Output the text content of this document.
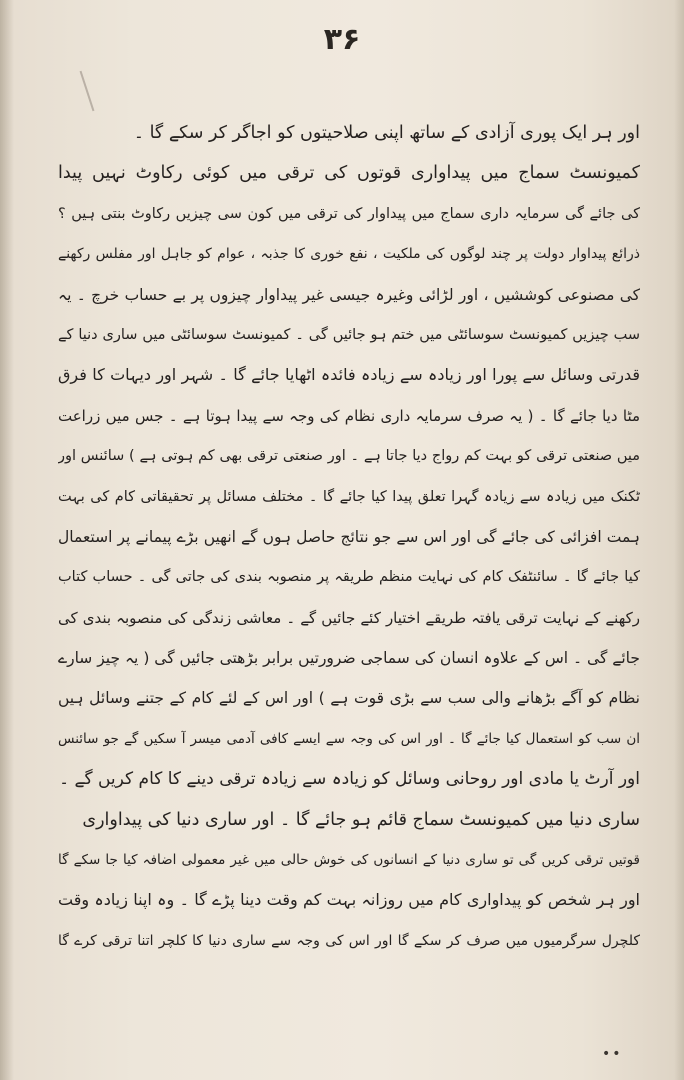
۳۶
اور ہر ایک پوری آزادی کے ساتھ اپنی صلاحیتوں کو اجاگر کر سکے گا ۔
کمیونسٹ سماج میں پیداواری قوتوں کی ترقی میں کوئی رکاوٹ نہیں پیدا
کی جائے گی سرمایہ داری سماج میں پیداوار کی ترقی میں کون سی چیزیں رکاوٹ بنتی ہیں ؟
ذرائع پیداوار دولت پر چند لوگوں کی ملکیت ، نفع خوری کا جذبہ ، عوام کو جاہل اور مفلس رکھنے
کی مصنوعی کوششیں ، اور لڑائی وغیرہ جیسی غیر پیداوار چیزوں پر بے حساب خرچ ۔ یہ
سب چیزیں کمیونسٹ سوسائٹی میں ختم ہو جائیں گی ۔ کمیونسٹ سوسائٹی میں ساری دنیا کے
قدرتی وسائل سے پورا اور زیادہ سے زیادہ فائدہ اٹھایا جائے گا ۔ شہر اور دیہات کا فرق
مٹا دیا جائے گا ۔ ( یہ صرف سرمایہ داری نظام کی وجہ سے پیدا ہوتا ہے ۔ جس میں زراعت
میں صنعتی ترقی کو بہت کم رواج دیا جاتا ہے ۔ اور صنعتی ترقی بھی کم ہوتی ہے ) سائنس اور
ٹکنک میں زیادہ سے زیادہ گہرا تعلق پیدا کیا جائے گا ۔ مختلف مسائل پر تحقیقاتی کام کی بہت
ہمت افزائی کی جائے گی اور اس سے جو نتائج حاصل ہوں گے انھیں بڑے پیمانے پر استعمال
کیا جائے گا ۔ سائنٹفک کام کی نہایت منظم طریقہ پر منصوبہ بندی کی جاتی گی ۔ حساب کتاب
رکھنے کے نہایت ترقی یافتہ طریقے اختیار کئے جائیں گے ۔ معاشی زندگی کی منصوبہ بندی کی
جائے گی ۔ اس کے علاوہ انسان کی سماجی ضرورتیں برابر بڑھتی جائیں گی ( یہ چیز سارے
نظام کو آگے بڑھانے والی سب سے بڑی قوت ہے ) اور اس کے لئے کام کے جتنے وسائل ہیں
ان سب کو استعمال کیا جائے گا ۔ اور اس کی وجہ سے ایسے کافی آدمی میسر آ سکیں گے جو سائنس
اور آرٹ یا مادی اور روحانی وسائل کو زیادہ سے زیادہ ترقی دینے کا کام کریں گے ۔
ساری دنیا میں کمیونسٹ سماج قائم ہو جائے گا ۔ اور ساری دنیا کی پیداواری
قوتیں ترقی کریں گی تو ساری دنیا کے انسانوں کی خوش حالی میں غیر معمولی اضافہ کیا جا سکے گا
اور ہر شخص کو پیداواری کام میں روزانہ بہت کم وقت دینا پڑے گا ۔ وہ اپنا زیادہ وقت
کلچرل سرگرمیوں میں صرف کر سکے گا اور اس کی وجہ سے ساری دنیا کا کلچر اتنا ترقی کرے گا
••
